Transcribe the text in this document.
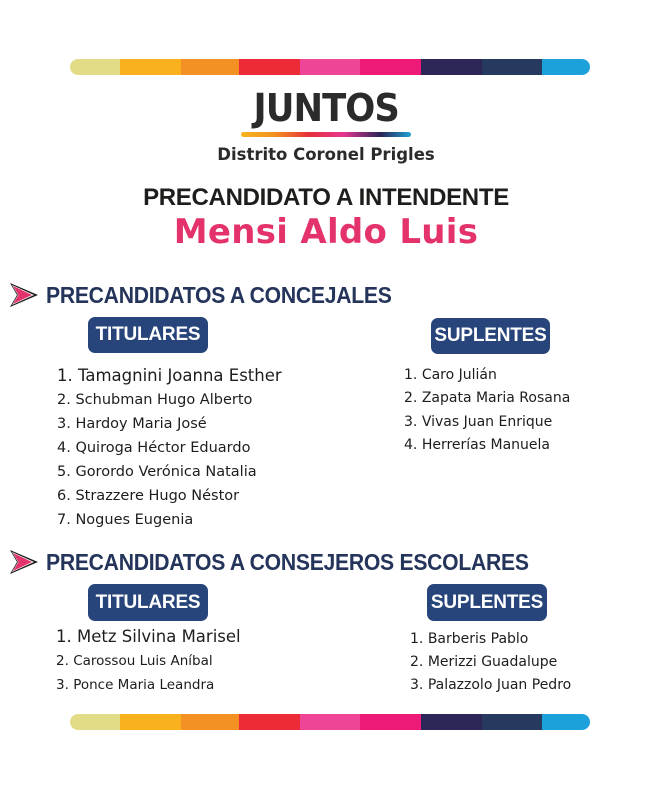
JUNTOS
Distrito Coronel Prigles
PRECANDIDATO A INTENDENTE
Mensi Aldo Luis
PRECANDIDATOS A CONCEJALES
TITULARES	SUPLENTES
1. Tamagnini Joanna Esther
2. Schubman Hugo Alberto
3. Hardoy Maria José
4. Quiroga Héctor Eduardo
5. Gorordo Verónica Natalia
6. Strazzere Hugo Néstor
7. Nogues Eugenia
1. Caro Julián
2. Zapata Maria Rosana
3. Vivas Juan Enrique
4. Herrerías Manuela
PRECANDIDATOS A CONSEJEROS ESCOLARES
TITULARES	SUPLENTES
1. Metz Silvina Marisel
2. Carossou Luis Aníbal
3. Ponce Maria Leandra
1. Barberis Pablo
2. Merizzi Guadalupe
3. Palazzolo Juan Pedro
